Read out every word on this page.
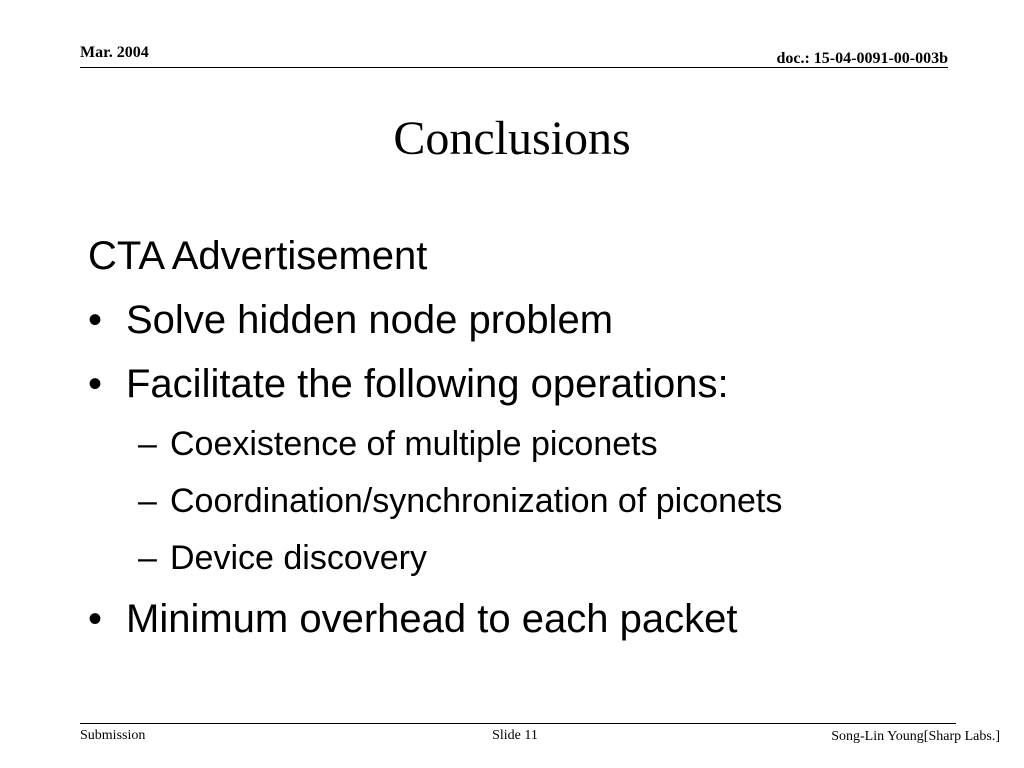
Mar. 2004	doc.: 15-04-0091-00-003b
Conclusions
CTA Advertisement
• Solve hidden node problem
• Facilitate the following operations:
– Coexistence of multiple piconets
– Coordination/synchronization of piconets
– Device discovery
• Minimum overhead to each packet
Submission	Slide 11	Song-Lin Young[Sharp Labs.]
